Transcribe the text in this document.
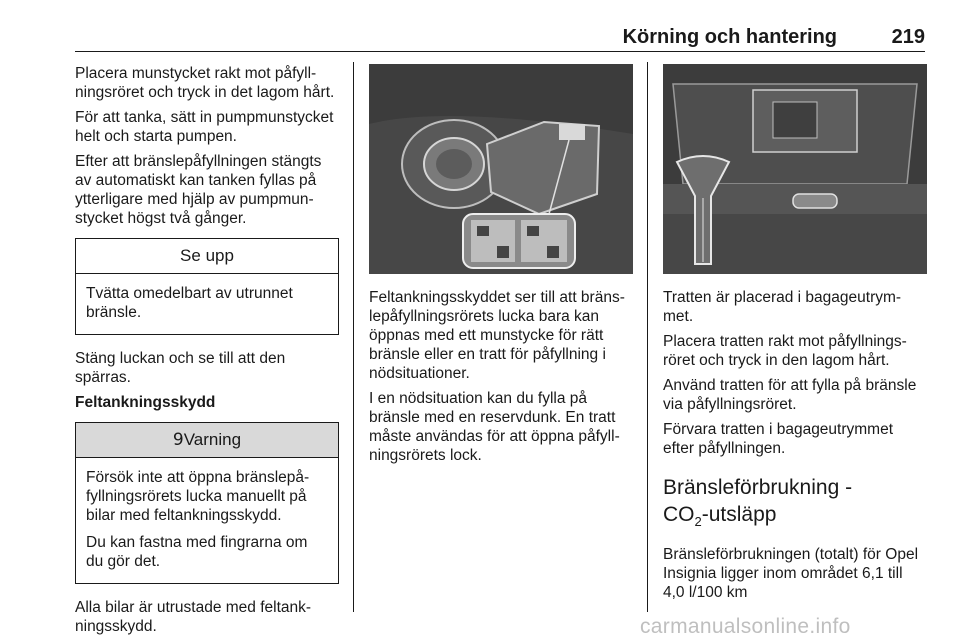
Körning och hantering	219

Placera munstycket rakt mot påfyll-
ningsröret och tryck in det lagom hårt.

För att tanka, sätt in pumpmunstycket helt och starta pumpen.

Efter att bränslepåfyllningen stängts av automatiskt kan tanken fyllas på ytterligare med hjälp av pumpmun- stycket högst två gånger.

Se upp

Tvätta omedelbart av utrunnet bränsle.

Stäng luckan och se till att den spärras.

Feltankningsskydd

9Varning

Försök inte att öppna bränslepå- fyllningsrörets lucka manuellt på bilar med feltankningsskydd.

Du kan fastna med fingrarna om du gör det.

Alla bilar är utrustade med feltank- ningsskydd.

Feltankningsskyddet ser till att bräns- lepåfyllningsrörets lucka bara kan öppnas med ett munstycke för rätt bränsle eller en tratt för påfyllning i nödsituationer.

I en nödsituation kan du fylla på bränsle med en reservdunk. En tratt måste användas för att öppna påfyll- ningsrörets lock.

Tratten är placerad i bagageutrym- met.

Placera tratten rakt mot påfyllnings- röret och tryck in den lagom hårt.

Använd tratten för att fylla på bränsle via påfyllningsröret.

Förvara tratten i bagageutrymmet efter påfyllningen.

Bränsleförbrukning -
$CO_2$-utsläpp

Bränsleförbrukningen (totalt) för Opel Insignia ligger inom området 6,1 till 4,0 l/100 km

carmanualsonline.info
